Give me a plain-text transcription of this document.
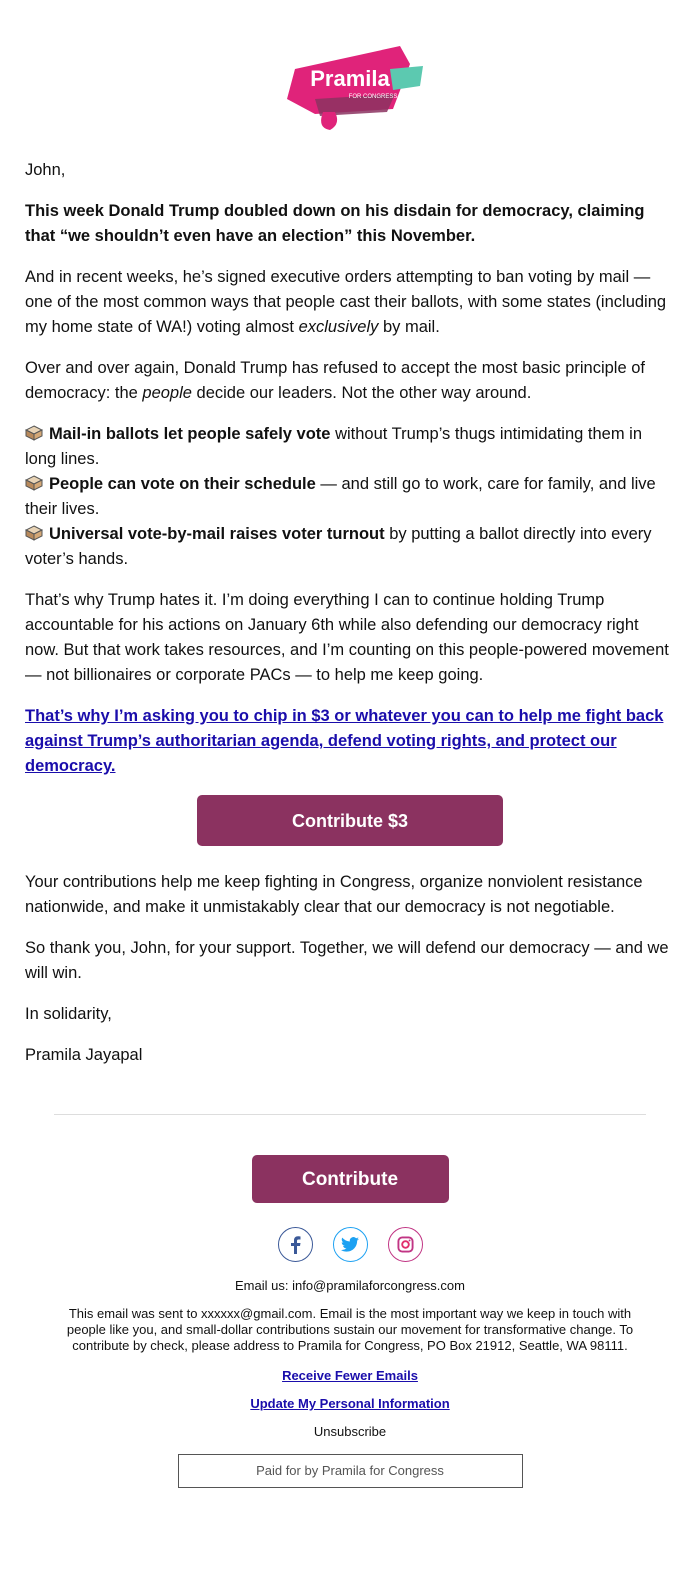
Pramila
FOR CONGRESS

John,

This week Donald Trump doubled down on his disdain for democracy, claiming that “we shouldn’t even have an election” this November.

And in recent weeks, he’s signed executive orders attempting to ban voting by mail — one of the most common ways that people cast their ballots, with some states (including my home state of WA!) voting almost exclusively by mail.

Over and over again, Donald Trump has refused to accept the most basic principle of democracy: the people decide our leaders. Not the other way around.

Mail-in ballots let people safely vote without Trump’s thugs intimidating them in long lines.
People can vote on their schedule — and still go to work, care for family, and live their lives.
Universal vote-by-mail raises voter turnout by putting a ballot directly into every voter’s hands.

That’s why Trump hates it. I’m doing everything I can to continue holding Trump accountable for his actions on January 6th while also defending our democracy right now. But that work takes resources, and I’m counting on this people-powered movement — not billionaires or corporate PACs — to help me keep going.

That’s why I’m asking you to chip in $3 or whatever you can to help me fight back against Trump’s authoritarian agenda, defend voting rights, and protect our democracy.

Contribute $3

Your contributions help me keep fighting in Congress, organize nonviolent resistance nationwide, and make it unmistakably clear that our democracy is not negotiable.

So thank you, John, for your support. Together, we will defend our democracy — and we will win.

In solidarity,

Pramila Jayapal

Contribute

Email us: info@pramilaforcongress.com

This email was sent to xxxxxx@gmail.com. Email is the most important way we keep in touch with people like you, and small-dollar contributions sustain our movement for transformative change. To contribute by check, please address to Pramila for Congress, PO Box 21912, Seattle, WA 98111.

Receive Fewer Emails

Update My Personal Information

Unsubscribe

Paid for by Pramila for Congress
